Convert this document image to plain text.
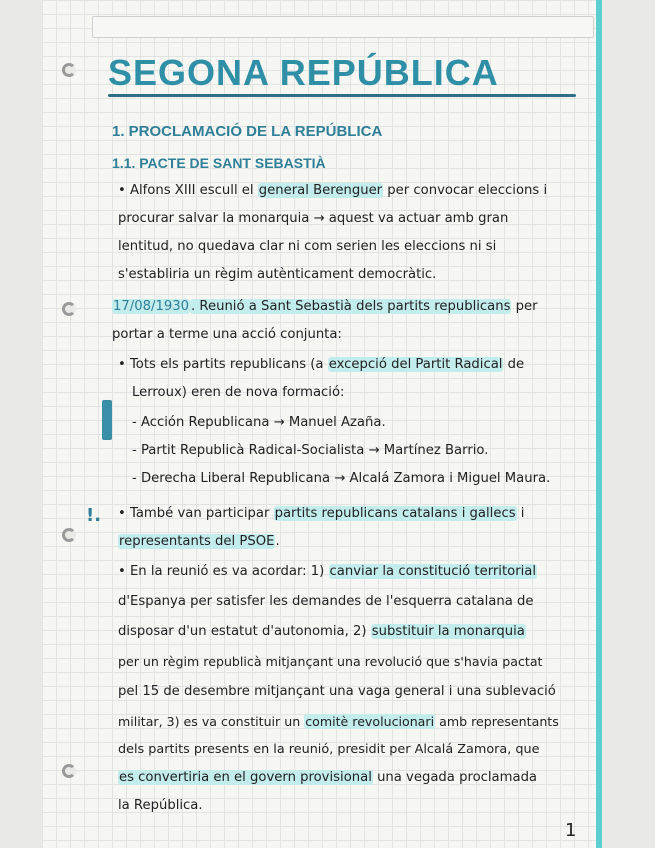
SEGONA REPÚBLICA
1. PROCLAMACIÓ DE LA REPÚBLICA
1.1. PACTE DE SANT SEBASTIÀ

• Alfons XIII escull el general Berenguer per convocar eleccions i

procurar salvar la monarquia → aquest va actuar amb gran

lentitud, no quedava clar ni com serien les eleccions ni si

s'establiria un règim autènticament democràtic.

17/08/1930 . Reunió a Sant Sebastià dels partits republicans per

portar a terme una acció conjunta:

• Tots els partits republicans (a excepció del Partit Radical de

Lerroux) eren de nova formació:

- Acción Republicana → Manuel Azaña.

- Partit Republicà Radical-Socialista → Martínez Barrio.

- Derecha Liberal Republicana → Alcalá Zamora i Miguel Maura.

!. • També van participar partits republicans catalans i gallecs i

representants del PSOE.

• En la reunió es va acordar: 1) canviar la constitució territorial

d'Espanya per satisfer les demandes de l'esquerra catalana de

disposar d'un estatut d'autonomia, 2) substituir la monarquia

per un règim republicà mitjançant una revolució que s'havia pactat

pel 15 de desembre mitjançant una vaga general i una sublevació

militar, 3) es va constituir un comitè revolucionari amb representants

dels partits presents en la reunió, presidit per Alcalá Zamora, que

es convertiria en el govern provisional una vegada proclamada

la República.

1
